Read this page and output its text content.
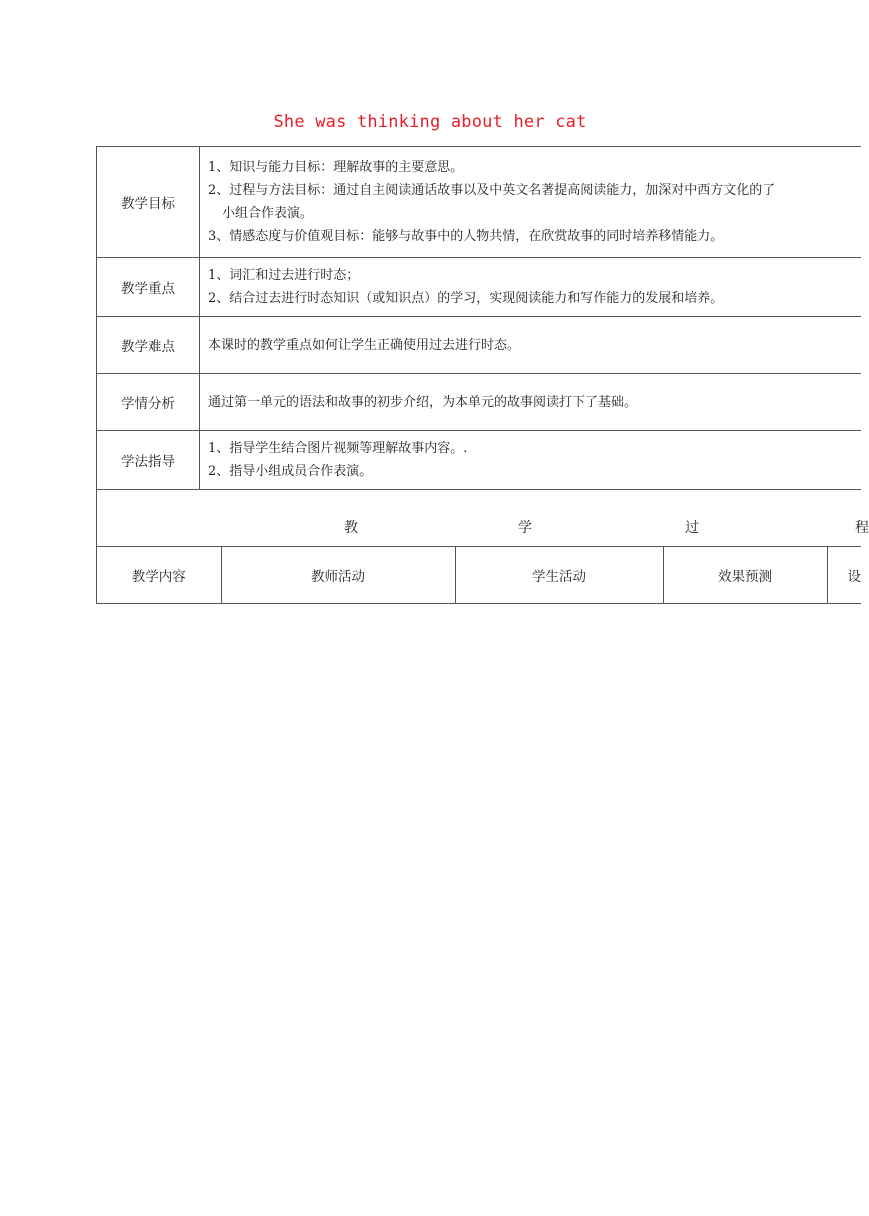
She was thinking about her cat
教学目标	
1、知识与能力目标：理解故事的主要意思。
2、过程与方法目标：通过自主阅读通话故事以及中英文名著提高阅读能力，加深对中西方文化的了
小组合作表演。
3、情感态度与价值观目标：能够与故事中的人物共情，在欣赏故事的同时培养移情能力。

教学重点	
1、词汇和过去进行时态；
2、结合过去进行时态知识（或知识点）的学习，实现阅读能力和写作能力的发展和培养。

教学难点	本课时的教学重点如何让学生正确使用过去进行时态。

学情分析	通过第一单元的语法和故事的初步介绍，为本单元的故事阅读打下了基础。

学法指导	
1、指导学生结合图片视频等理解故事内容。.
2、指导小组成员合作表演。

教	学	过	程

教学内容	教师活动	学生活动	效果预测	设
